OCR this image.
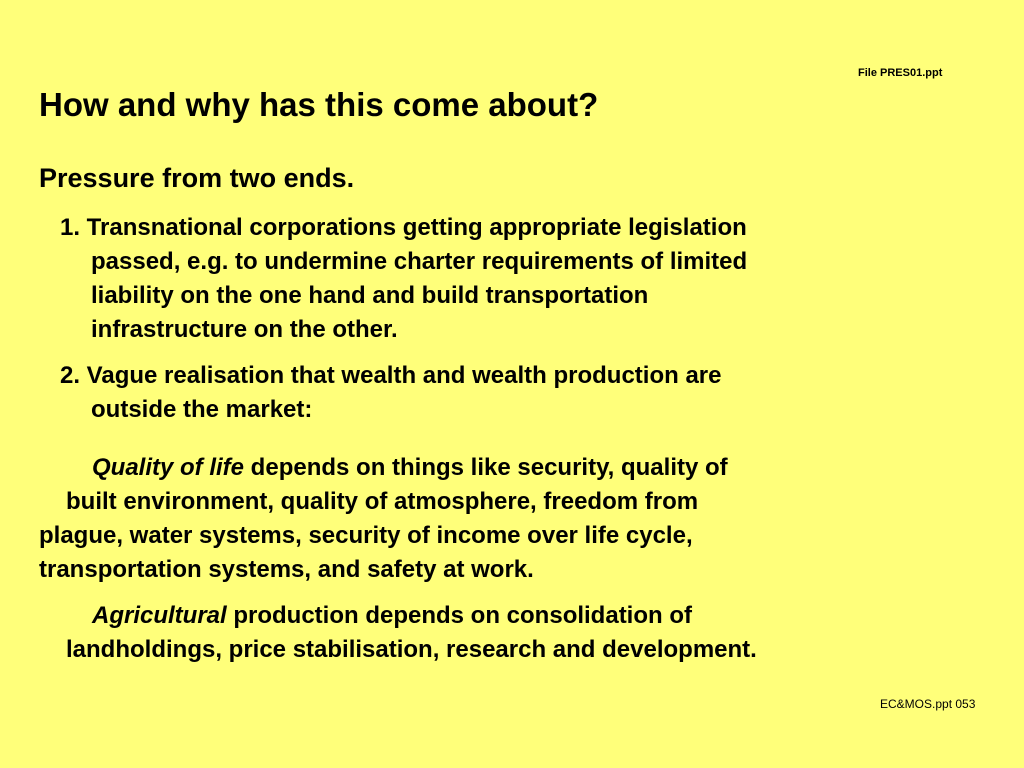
File PRES01.ppt
How and why has this come about?
Pressure from two ends.
1. Transnational corporations getting appropriate legislation
passed, e.g. to undermine charter requirements of limited
liability on the one hand and build transportation
infrastructure on the other.
2. Vague realisation that wealth and wealth production are
outside the market:
Quality of life depends on things like security, quality of
built environment, quality of atmosphere, freedom from
plague, water systems, security of income over life cycle,
transportation systems, and safety at work.
Agricultural production depends on consolidation of
landholdings, price stabilisation, research and development.
EC&MOS.ppt 053
